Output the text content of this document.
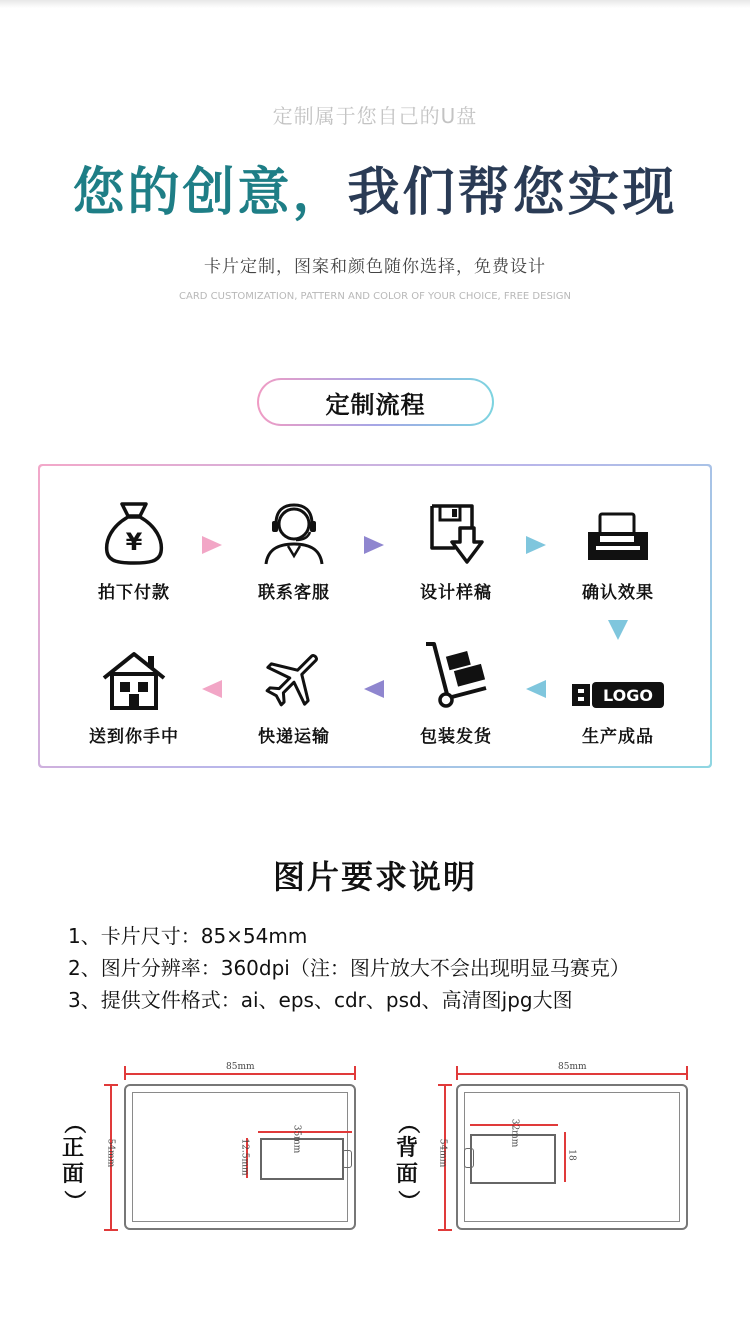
定制属于您自己的U盘
您的创意，我们帮您实现
卡片定制，图案和颜色随你选择，免费设计
CARD CUSTOMIZATION, PATTERN AND COLOR OF YOUR CHOICE, FREE DESIGN
定制流程
¥
拍下付款	联系客服	设计样稿	确认效果
送到你手中	快递运输	包装发货
LOGO
生产成品
图片要求说明
1、卡片尺寸：85×54mm
2、图片分辨率：360dpi（注：图片放大不会出现明显马赛克）
3、提供文件格式：ai、eps、cdr、psd、高清图jpg大图
（
正
面
）
85mm
54mm	35mm
12.5mm
（
背
面
）
85mm
54mm
32mm
18
